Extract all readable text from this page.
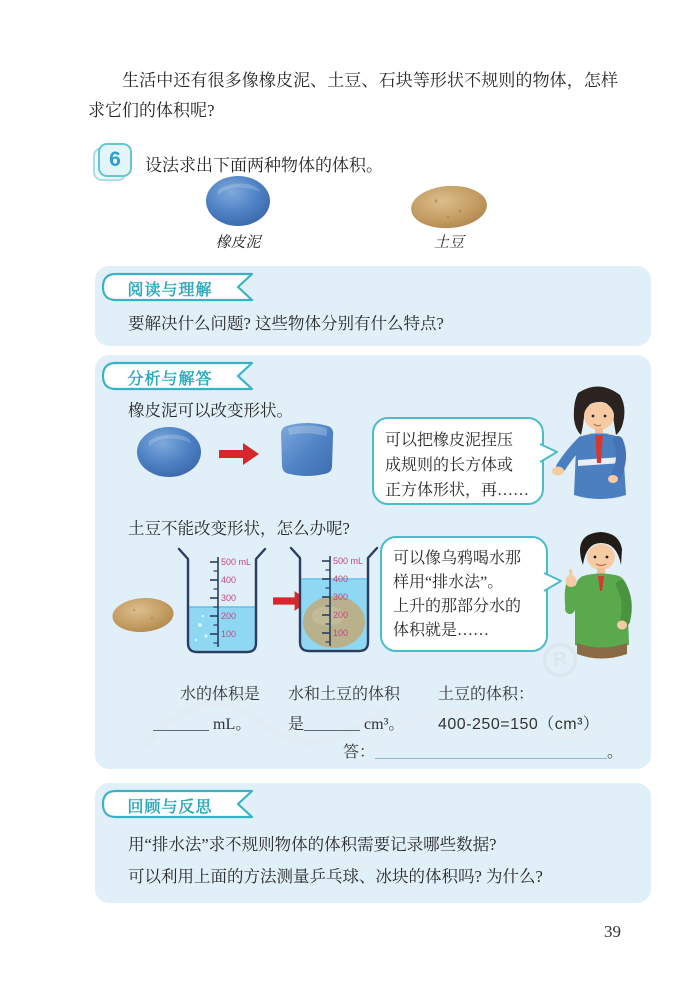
生活中还有很多像橡皮泥、土豆、石块等形状不规则的物体，怎样求它们的体积呢?

6	设法求出下面两种物体的体积。
橡皮泥	土豆
阅读与理解
要解决什么问题? 这些物体分别有什么特点?
分析与解答
橡皮泥可以改变形状。
可以把橡皮泥捏压
成规则的长方体或
正方体形状，再……
土豆不能改变形状，怎么办呢?
500 mL
400
300
200
100
500 mL
400
300
200
100
可以像乌鸦喝水那
样用“排水法”。
上升的那部分水的
体积就是……
R
水的体积是
mL。
水和土豆的体积
是	cm³。
土豆的体积：
400-250=150（cm³）
答：	。
回顾与反思
用“排水法”求不规则物体的体积需要记录哪些数据?
可以利用上面的方法测量乒乓球、冰块的体积吗? 为什么?
39
